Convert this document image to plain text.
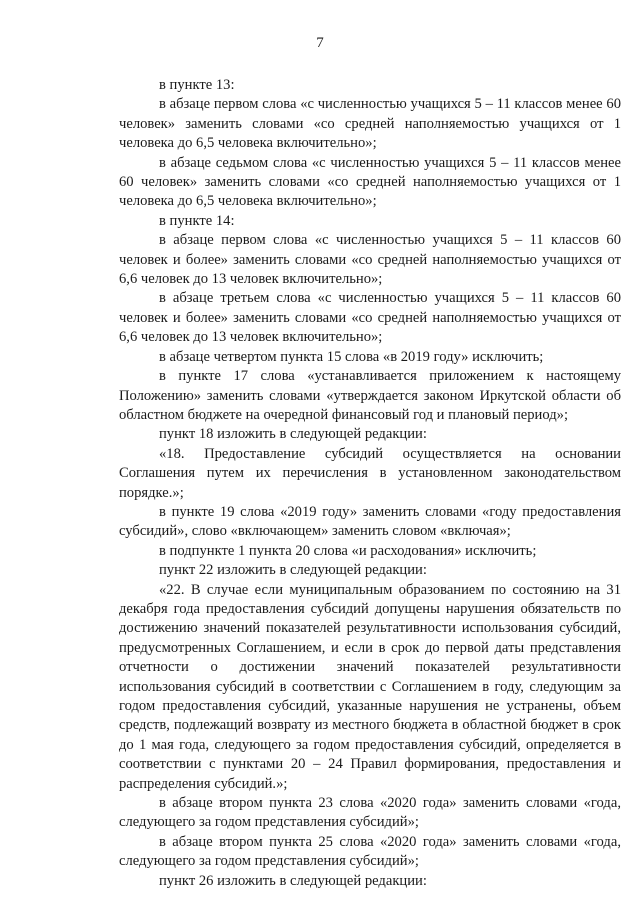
7

в пункте 13:

в абзаце первом слова «с численностью учащихся 5 – 11 классов менее 60 человек» заменить словами «со средней наполняемостью учащихся от 1 человека до 6,5 человека включительно»;

в абзаце седьмом слова «с численностью учащихся 5 – 11 классов менее 60 человек» заменить словами «со средней наполняемостью учащихся от 1 человека до 6,5 человека включительно»;

в пункте 14:

в абзаце первом слова «с численностью учащихся 5 – 11 классов 60 человек и более» заменить словами «со средней наполняемостью учащихся от 6,6 человек до 13 человек включительно»;

в абзаце третьем слова «с численностью учащихся 5 – 11 классов 60 человек и более» заменить словами «со средней наполняемостью учащихся от 6,6 человек до 13 человек включительно»;

в абзаце четвертом пункта 15 слова «в 2019 году» исключить;

в пункте 17 слова «устанавливается приложением к настоящему Положению» заменить словами «утверждается законом Иркутской области об областном бюджете на очередной финансовый год и плановый период»;

пункт 18 изложить в следующей редакции:

«18. Предоставление субсидий осуществляется на основании Соглашения путем их перечисления в установленном законодательством порядке.»;

в пункте 19 слова «2019 году» заменить словами «году предоставления субсидий», слово «включающем» заменить словом «включая»;

в подпункте 1 пункта 20 слова «и расходования» исключить;

пункт 22 изложить в следующей редакции:

«22. В случае если муниципальным образованием по состоянию на 31 декабря года предоставления субсидий допущены нарушения обязательств по достижению значений показателей результативности использования субсидий, предусмотренных Соглашением, и если в срок до первой даты представления отчетности о достижении значений показателей результативности использования субсидий в соответствии с Соглашением в году, следующим за годом предоставления субсидий, указанные нарушения не устранены, объем средств, подлежащий возврату из местного бюджета в областной бюджет в срок до 1 мая года, следующего за годом предоставления субсидий, определяется в соответствии с пунктами 20 – 24 Правил формирования, предоставления и распределения субсидий.»;

в абзаце втором пункта 23 слова «2020 года» заменить словами «года, следующего за годом представления субсидий»;

в абзаце втором пункта 25 слова «2020 года» заменить словами «года, следующего за годом представления субсидий»;

пункт 26 изложить в следующей редакции:
